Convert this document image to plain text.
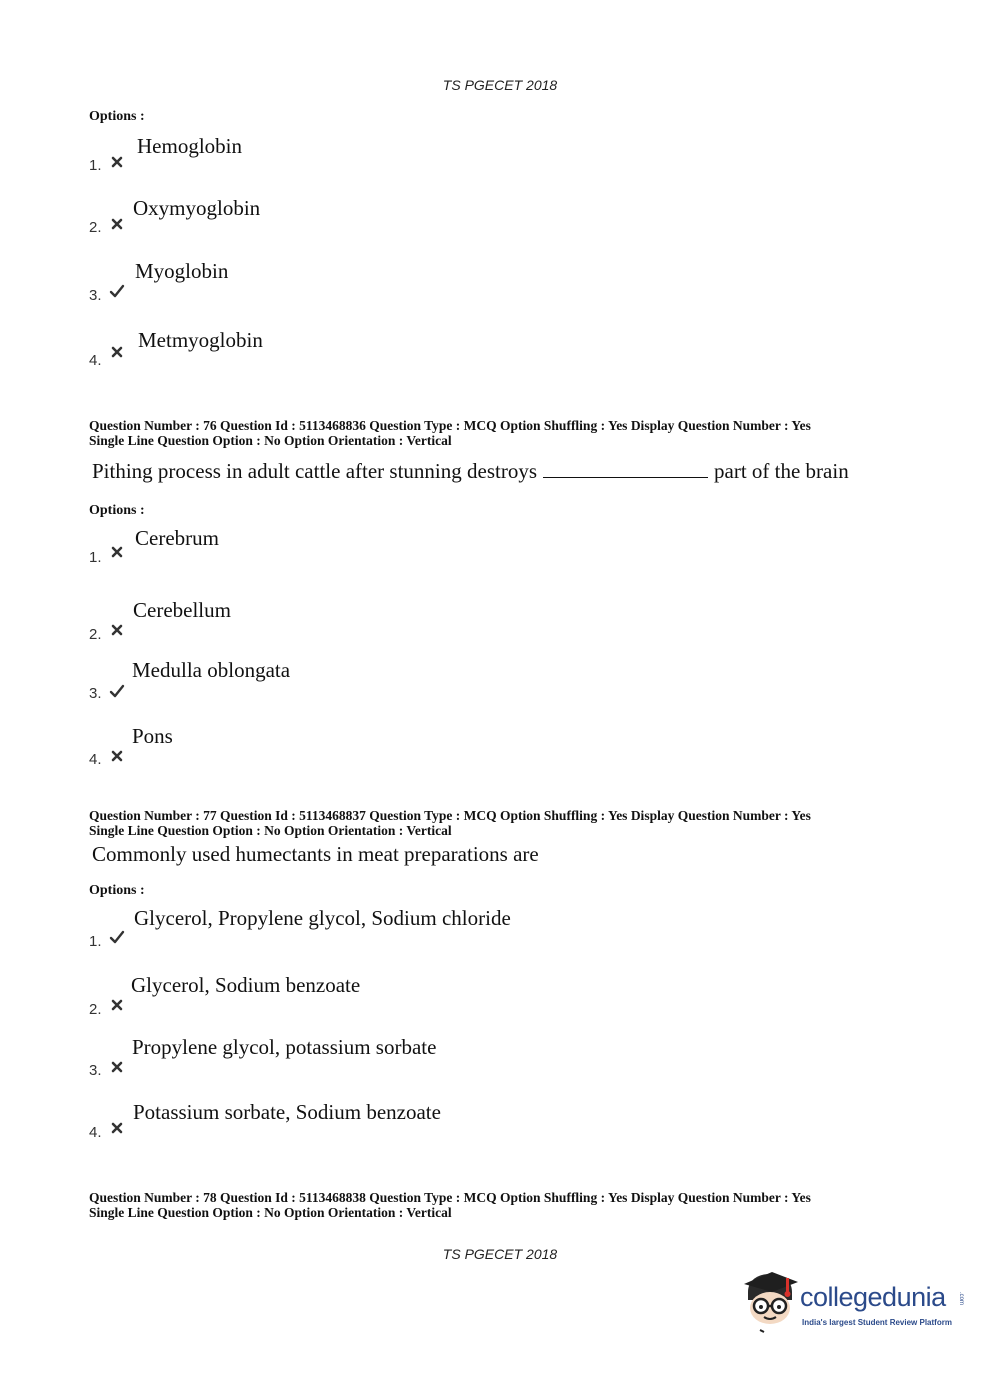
TS PGECET 2018
Options :
1.
Hemoglobin
2.
Oxymyoglobin
3.
Myoglobin
4.
Metmyoglobin
Question Number : 76 Question Id : 5113468836 Question Type : MCQ Option Shuffling : Yes Display Question Number : Yes
Single Line Question Option : No Option Orientation : Vertical
Pithing process in adult cattle after stunning destroys	part of the brain
Options :
1.
Cerebrum
2.
Cerebellum
3.
Medulla oblongata
4.
Pons
Question Number : 77 Question Id : 5113468837 Question Type : MCQ Option Shuffling : Yes Display Question Number : Yes
Single Line Question Option : No Option Orientation : Vertical
Commonly used humectants in meat preparations are
Options :
1.
Glycerol, Propylene glycol, Sodium chloride
2.
Glycerol, Sodium benzoate
3.
Propylene glycol, potassium sorbate
4.
Potassium sorbate, Sodium benzoate
Question Number : 78 Question Id : 5113468838 Question Type : MCQ Option Shuffling : Yes Display Question Number : Yes
Single Line Question Option : No Option Orientation : Vertical
TS PGECET 2018
collegedunia .com
India's largest Student Review Platform
